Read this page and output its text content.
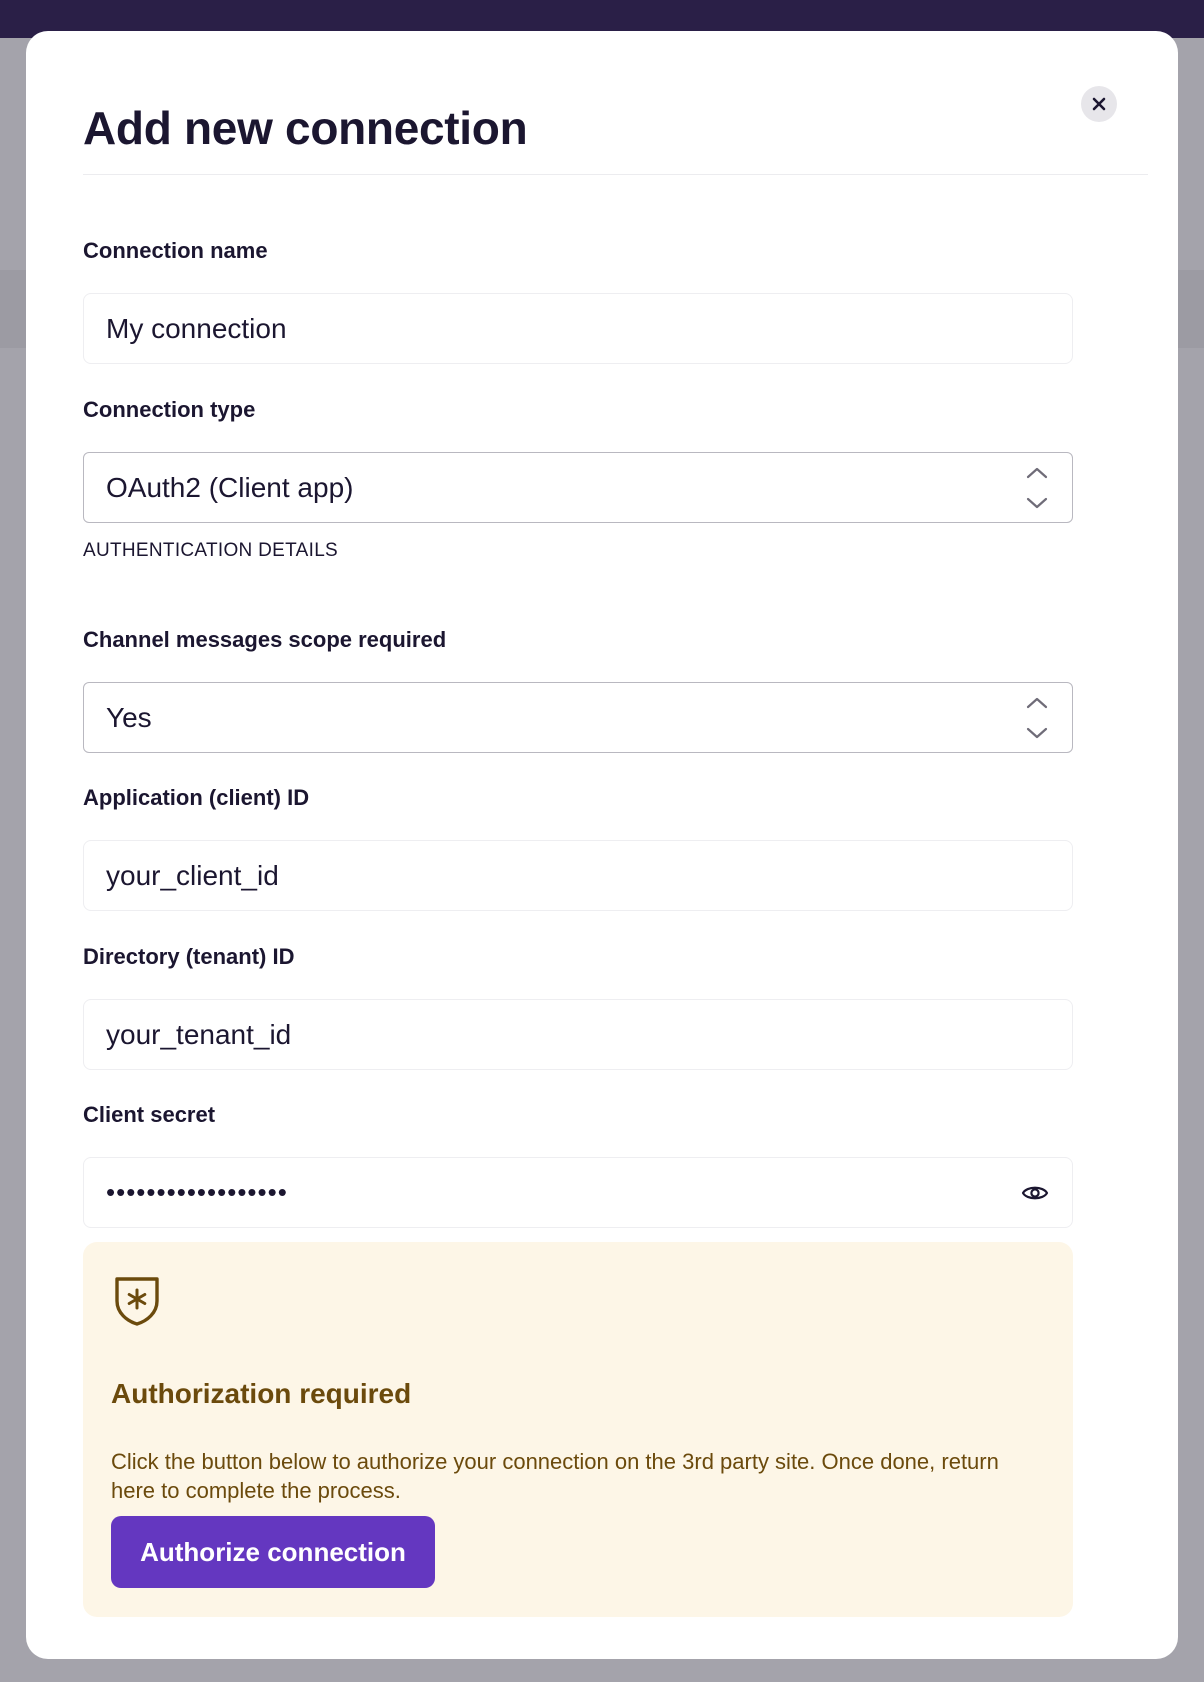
Add new connection
Connection name
My connection
Connection type
OAuth2 (Client app)
AUTHENTICATION DETAILS
Channel messages scope required
Yes
Application (client) ID
your_client_id
Directory (tenant) ID
your_tenant_id
Client secret
••••••••••••••••••
Authorization required

Click the button below to authorize your connection on the 3rd party site. Once done, return here to complete the process.

Authorize connection
